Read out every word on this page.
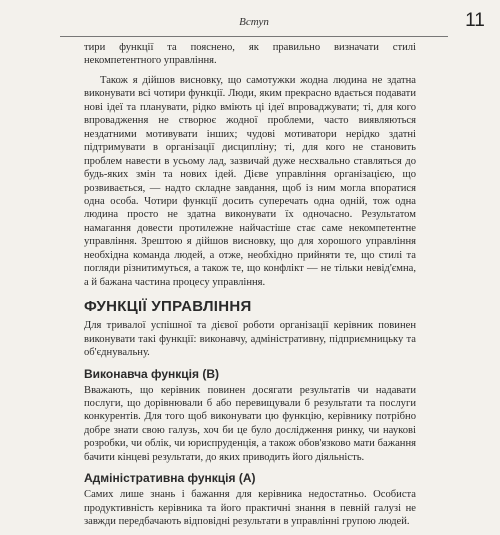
Вступ	11

тири функції та пояснено, як правильно визначати стилі некомпетентного управління.

Також я дійшов висновку, що самотужки жодна людина не здатна виконувати всі чотири функції. Люди, яким прекрасно вдається подавати нові ідеї та планувати, рідко вміють ці ідеї впроваджувати; ті, для кого впровадження не створює жодної проблеми, часто виявляються нездатними мотивувати інших; чудові мотиватори нерідко здатні підтримувати в організації дисципліну; ті, для кого не становить проблем навести в усьому лад, зазвичай дуже несхвально ставляться до будь-яких змін та нових ідей. Дієве управління організацією, що розвивається, — надто складне завдання, щоб із ним могла впоратися одна особа. Чотири функції досить суперечать одна одній, тож одна людина просто не здатна виконувати їх одночасно. Результатом намагання довести протилежне найчастіше стає саме некомпетентне управління. Зрештою я дійшов висновку, що для хорошого управління необхідна команда людей, а отже, необхідно прийняти те, що стилі та погляди різнитимуться, а також те, що конфлікт — не тільки невід'ємна, а й бажана частина процесу управління.

ФУНКЦІЇ УПРАВЛІННЯ

Для тривалої успішної та дієвої роботи організації керівник повинен виконувати такі функції: виконавчу, адміністративну, підприємницьку та об'єднувальну.

Виконавча функція (В)

Вважають, що керівник повинен досягати результатів чи надавати послуги, що дорівнювали б або перевищували б результати та послуги конкурентів. Для того щоб виконувати цю функцію, керівнику потрібно добре знати свою галузь, хоч би це було дослідження ринку, чи наукові розробки, чи облік, чи юриспруденція, а також обов'язково мати бажання бачити кінцеві результати, до яких приводить його діяльність.

Адміністративна функція (А)

Самих лише знань і бажання для керівника недостатньо. Особиста продуктивність керівника та його практичні знання в певній галузі не завжди передбачають відповідні результати в управлінні групою людей.
